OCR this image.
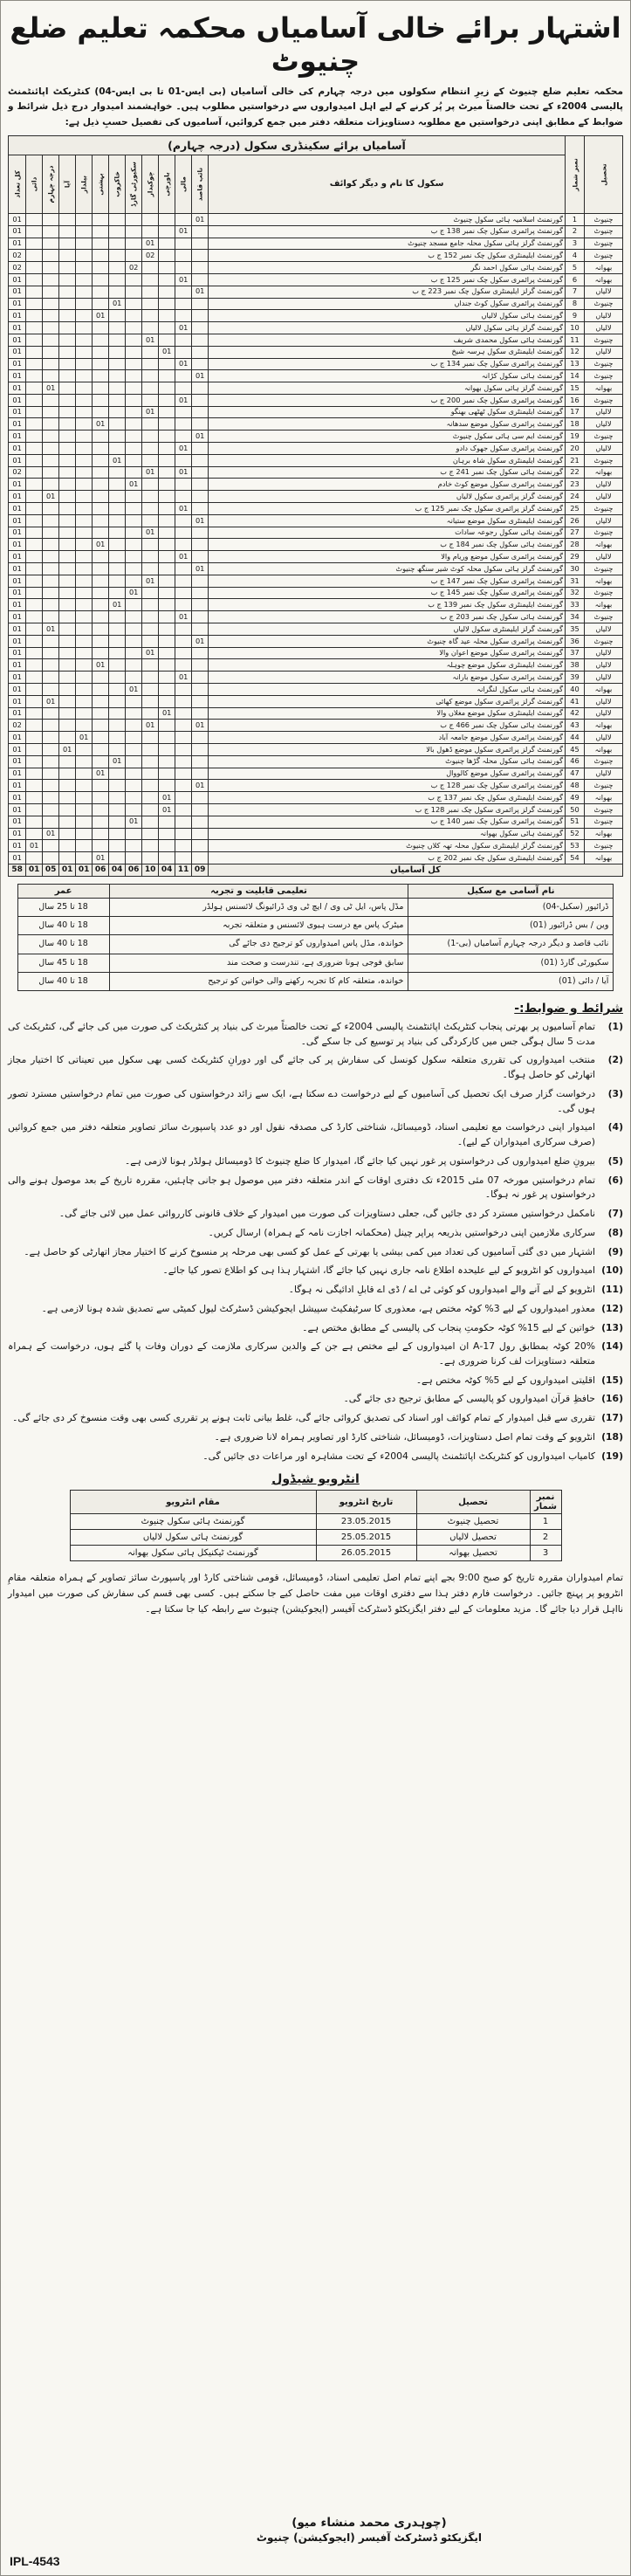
اشتہار برائے خالی آسامیاں محکمہ تعلیم ضلع چنیوٹ

محکمہ تعلیم ضلع چنیوٹ کے زیرِ انتظام سکولوں میں درجہ چہارم کی خالی آسامیاں (بی ایس-01 تا بی ایس-04) کنٹریکٹ اپائنٹمنٹ پالیسی 2004ء کے تحت خالصتاً میرٹ پر پُر کرنے کے لیے اہل امیدواروں سے درخواستیں مطلوب ہیں۔ خواہشمند امیدوار درج ذیل شرائط و ضوابط کے مطابق اپنی درخواستیں مع مطلوبہ دستاویزات متعلقہ دفتر میں جمع کروائیں، آسامیوں کی تفصیل حسبِ ذیل ہے:

تحصیل	نمبر شمار	آسامیاں برائے سکینڈری سکول (درجہ چہارم)												
		سکول کا نام و دیگر کوائف	نائب قاصد	مالی	باورچی	چوکیدار	سکیورٹی گارڈ	خاکروب	بہشتی	بیلدار	آیا	درجہ چہارم	دائی	کل تعداد

چنیوٹ	1	گورنمنٹ اسلامیہ ہائی سکول چنیوٹ	01											01
چنیوٹ	2	گورنمنٹ پرائمری سکول چک نمبر 138 ج ب		01										01
چنیوٹ	3	گورنمنٹ گرلز ہائی سکول محلہ جامع مسجد چنیوٹ				01								01
چنیوٹ	4	گورنمنٹ ایلیمنٹری سکول چک نمبر 152 ج ب				02								02
بھوانہ	5	گورنمنٹ ہائی سکول احمد نگر					02							02
بھوانہ	6	گورنمنٹ پرائمری سکول چک نمبر 125 ج ب		01										01
لالیاں	7	گورنمنٹ گرلز ایلیمنٹری سکول چک نمبر 223 ج ب	01											01
چنیوٹ	8	گورنمنٹ پرائمری سکول کوٹ جنداں						01						01
لالیاں	9	گورنمنٹ ہائی سکول لالیاں							01					01
لالیاں	10	گورنمنٹ گرلز ہائی سکول لالیاں		01										01
چنیوٹ	11	گورنمنٹ ہائی سکول محمدی شریف				01								01
لالیاں	12	گورنمنٹ ایلیمنٹری سکول ہرسہ شیخ			01									01
چنیوٹ	13	گورنمنٹ پرائمری سکول چک نمبر 134 ج ب		01										01
چنیوٹ	14	گورنمنٹ ہائی سکول کڑانہ	01											01
بھوانہ	15	گورنمنٹ گرلز ہائی سکول بھوانہ										01		01
چنیوٹ	16	گورنمنٹ پرائمری سکول چک نمبر 200 ج ب		01										01
لالیاں	17	گورنمنٹ ایلیمنٹری سکول ٹھٹھی بھنگو				01								01
لالیاں	18	گورنمنٹ پرائمری سکول موضع سدھانہ							01					01
چنیوٹ	19	گورنمنٹ ایم سی ہائی سکول چنیوٹ	01											01
لالیاں	20	گورنمنٹ پرائمری سکول جھوک دادو		01										01
چنیوٹ	21	گورنمنٹ ایلیمنٹری سکول شاہ برہان						01						01
بھوانہ	22	گورنمنٹ ہائی سکول چک نمبر 241 ج ب		01		01								02
لالیاں	23	گورنمنٹ پرائمری سکول موضع کوٹ خادم					01							01
لالیاں	24	گورنمنٹ گرلز پرائمری سکول لالیاں										01		01
چنیوٹ	25	گورنمنٹ گرلز پرائمری سکول چک نمبر 125 ج ب		01										01
لالیاں	26	گورنمنٹ ایلیمنٹری سکول موضع ستیانہ	01											01
چنیوٹ	27	گورنمنٹ ہائی سکول رجوعہ سادات				01								01
بھوانہ	28	گورنمنٹ ہائی سکول چک نمبر 184 ج ب							01					01
لالیاں	29	گورنمنٹ پرائمری سکول موضع وریام والا		01										01
چنیوٹ	30	گورنمنٹ گرلز ہائی سکول محلہ کوٹ شیر سنگھ چنیوٹ	01											01
بھوانہ	31	گورنمنٹ پرائمری سکول چک نمبر 147 ج ب				01								01
چنیوٹ	32	گورنمنٹ پرائمری سکول چک نمبر 145 ج ب					01							01
بھوانہ	33	گورنمنٹ ایلیمنٹری سکول چک نمبر 139 ج ب						01						01
چنیوٹ	34	گورنمنٹ ہائی سکول چک نمبر 203 ج ب		01										01
لالیاں	35	گورنمنٹ گرلز ایلیمنٹری سکول لالیاں										01		01
چنیوٹ	36	گورنمنٹ پرائمری سکول محلہ عید گاہ چنیوٹ	01											01
لالیاں	37	گورنمنٹ پرائمری سکول موضع اعوان والا				01								01
لالیاں	38	گورنمنٹ ایلیمنٹری سکول موضع چوہلہ							01					01
لالیاں	39	گورنمنٹ پرائمری سکول موضع بارانہ		01										01
بھوانہ	40	گورنمنٹ ہائی سکول لنگرانہ					01							01
لالیاں	41	گورنمنٹ گرلز پرائمری سکول موضع کھائی										01		01
لالیاں	42	گورنمنٹ ایلیمنٹری سکول موضع مغلاں والا			01									01
بھوانہ	43	گورنمنٹ ہائی سکول چک نمبر 466 ج ب	01			01								02
لالیاں	44	گورنمنٹ پرائمری سکول موضع جامعہ آباد								01				01
بھوانہ	45	گورنمنٹ گرلز پرائمری سکول موضع ڈھول بالا									01			01
چنیوٹ	46	گورنمنٹ ہائی سکول محلہ گڑھا چنیوٹ						01						01
لالیاں	47	گورنمنٹ پرائمری سکول موضع کالووال							01					01
چنیوٹ	48	گورنمنٹ پرائمری سکول چک نمبر 128 ج ب	01											01
بھوانہ	49	گورنمنٹ ایلیمنٹری سکول چک نمبر 137 ج ب			01									01
چنیوٹ	50	گورنمنٹ گرلز پرائمری سکول چک نمبر 128 ج ب			01									01
چنیوٹ	51	گورنمنٹ پرائمری سکول چک نمبر 140 ج ب					01							01
بھوانہ	52	گورنمنٹ ہائی سکول بھوانہ										01		01
چنیوٹ	53	گورنمنٹ گرلز ایلیمنٹری سکول محلہ تھہ کلاں چنیوٹ											01	01
بھوانہ	54	گورنمنٹ ایلیمنٹری سکول چک نمبر 202 ج ب							01					01
کل آسامیاں			09	11	04	10	06	04	06	01	01	05	01	58
نام آسامی مع سکیل	تعلیمی قابلیت و تجربہ	عمر
ڈرائیور (سکیل-04)	مڈل پاس، ایل ٹی وی / ایچ ٹی وی ڈرائیونگ لائسنس ہولڈر	18 تا 25 سال
وین / بس ڈرائیور (01)	میٹرک پاس مع درست ہیوی لائسنس و متعلقہ تجربہ	18 تا 40 سال
نائب قاصد و دیگر درجہ چہارم آسامیاں (بی-1)	خواندہ، مڈل پاس امیدواروں کو ترجیح دی جائے گی	18 تا 40 سال
سکیورٹی گارڈ (01)	سابق فوجی ہونا ضروری ہے، تندرست و صحت مند	18 تا 45 سال
آیا / دائی (01)	خواندہ، متعلقہ کام کا تجربہ رکھنے والی خواتین کو ترجیح	18 تا 40 سال
شرائط و ضوابط:-
(1)
تمام آسامیوں پر بھرتی پنجاب کنٹریکٹ اپائنٹمنٹ پالیسی 2004ء کے تحت خالصتاً میرٹ کی بنیاد پر کنٹریکٹ کی صورت میں کی جائے گی، کنٹریکٹ کی مدت 5 سال ہوگی جس میں کارکردگی کی بنیاد پر توسیع کی جا سکے گی۔
(2)
منتخب امیدواروں کی تقرری متعلقہ سکول کونسل کی سفارش پر کی جائے گی اور دورانِ کنٹریکٹ کسی بھی سکول میں تعیناتی کا اختیار مجاز اتھارٹی کو حاصل ہوگا۔
(3)
درخواست گزار صرف ایک تحصیل کی آسامیوں کے لیے درخواست دے سکتا ہے، ایک سے زائد درخواستوں کی صورت میں تمام درخواستیں مسترد تصور ہوں گی۔
(4)
امیدوار اپنی درخواست مع تعلیمی اسناد، ڈومیسائل، شناختی کارڈ کی مصدقہ نقول اور دو عدد پاسپورٹ سائز تصاویر متعلقہ دفتر میں جمع کروائیں (صرف سرکاری امیدواران کے لیے)۔
(5)
بیرونِ ضلع امیدواروں کی درخواستوں پر غور نہیں کیا جائے گا، امیدوار کا ضلع چنیوٹ کا ڈومیسائل ہولڈر ہونا لازمی ہے۔
(6)
تمام درخواستیں مورخہ 07 مئی 2015ء تک دفتری اوقات کے اندر متعلقہ دفتر میں موصول ہو جانی چاہئیں، مقررہ تاریخ کے بعد موصول ہونے والی درخواستوں پر غور نہ ہوگا۔
(7)
نامکمل درخواستیں مسترد کر دی جائیں گی، جعلی دستاویزات کی صورت میں امیدوار کے خلاف قانونی کارروائی عمل میں لائی جائے گی۔
(8)
سرکاری ملازمین اپنی درخواستیں بذریعہ پراپر چینل (محکمانہ اجازت نامہ کے ہمراہ) ارسال کریں۔
(9)
اشتہار میں دی گئی آسامیوں کی تعداد میں کمی بیشی یا بھرتی کے عمل کو کسی بھی مرحلہ پر منسوخ کرنے کا اختیار مجاز اتھارٹی کو حاصل ہے۔
(10)
امیدواروں کو انٹرویو کے لیے علیحدہ اطلاع نامہ جاری نہیں کیا جائے گا، اشتہار ہذا ہی کو اطلاع تصور کیا جائے۔
(11)
انٹرویو کے لیے آنے والے امیدواروں کو کوئی ٹی اے / ڈی اے قابلِ ادائیگی نہ ہوگا۔
(12)
معذور امیدواروں کے لیے 3% کوٹہ مختص ہے، معذوری کا سرٹیفکیٹ سپیشل ایجوکیشن ڈسٹرکٹ لیول کمیٹی سے تصدیق شدہ ہونا لازمی ہے۔
(13)
خواتین کے لیے 15% کوٹہ حکومتِ پنجاب کی پالیسی کے مطابق مختص ہے۔
(14)
20% کوٹہ بمطابق رول 17-A ان امیدواروں کے لیے مختص ہے جن کے والدین سرکاری ملازمت کے دوران وفات پا گئے ہوں، درخواست کے ہمراہ متعلقہ دستاویزات لف کرنا ضروری ہے۔
(15)
اقلیتی امیدواروں کے لیے 5% کوٹہ مختص ہے۔
(16)
حافظِ قرآن امیدواروں کو پالیسی کے مطابق ترجیح دی جائے گی۔
(17)
تقرری سے قبل امیدوار کے تمام کوائف اور اسناد کی تصدیق کروائی جائے گی، غلط بیانی ثابت ہونے پر تقرری کسی بھی وقت منسوخ کر دی جائے گی۔
(18)
انٹرویو کے وقت تمام اصل دستاویزات، ڈومیسائل، شناختی کارڈ اور تصاویر ہمراہ لانا ضروری ہے۔
(19)
کامیاب امیدواروں کو کنٹریکٹ اپائنٹمنٹ پالیسی 2004ء کے تحت مشاہرہ اور مراعات دی جائیں گی۔
انٹرویو شیڈول
نمبر شمار	تحصیل	تاریخ انٹرویو	مقام انٹرویو
1	تحصیل چنیوٹ	23.05.2015	گورنمنٹ ہائی سکول چنیوٹ
2	تحصیل لالیاں	25.05.2015	گورنمنٹ ہائی سکول لالیاں
3	تحصیل بھوانہ	26.05.2015	گورنمنٹ ٹیکنیکل ہائی سکول بھوانہ

تمام امیدواران مقررہ تاریخ کو صبح 9:00 بجے اپنے تمام اصل تعلیمی اسناد، ڈومیسائل، قومی شناختی کارڈ اور پاسپورٹ سائز تصاویر کے ہمراہ متعلقہ مقامِ انٹرویو پر پہنچ جائیں۔ درخواست فارم دفتر ہذا سے دفتری اوقات میں مفت حاصل کیے جا سکتے ہیں۔ کسی بھی قسم کی سفارش کی صورت میں امیدوار نااہل قرار دیا جائے گا۔ مزید معلومات کے لیے دفتر ایگزیکٹو ڈسٹرکٹ آفیسر (ایجوکیشن) چنیوٹ سے رابطہ کیا جا سکتا ہے۔

(چوہدری محمد منشاء میو)
ایگزیکٹو ڈسٹرکٹ آفیسر (ایجوکیشن) چنیوٹ
IPL-4543
